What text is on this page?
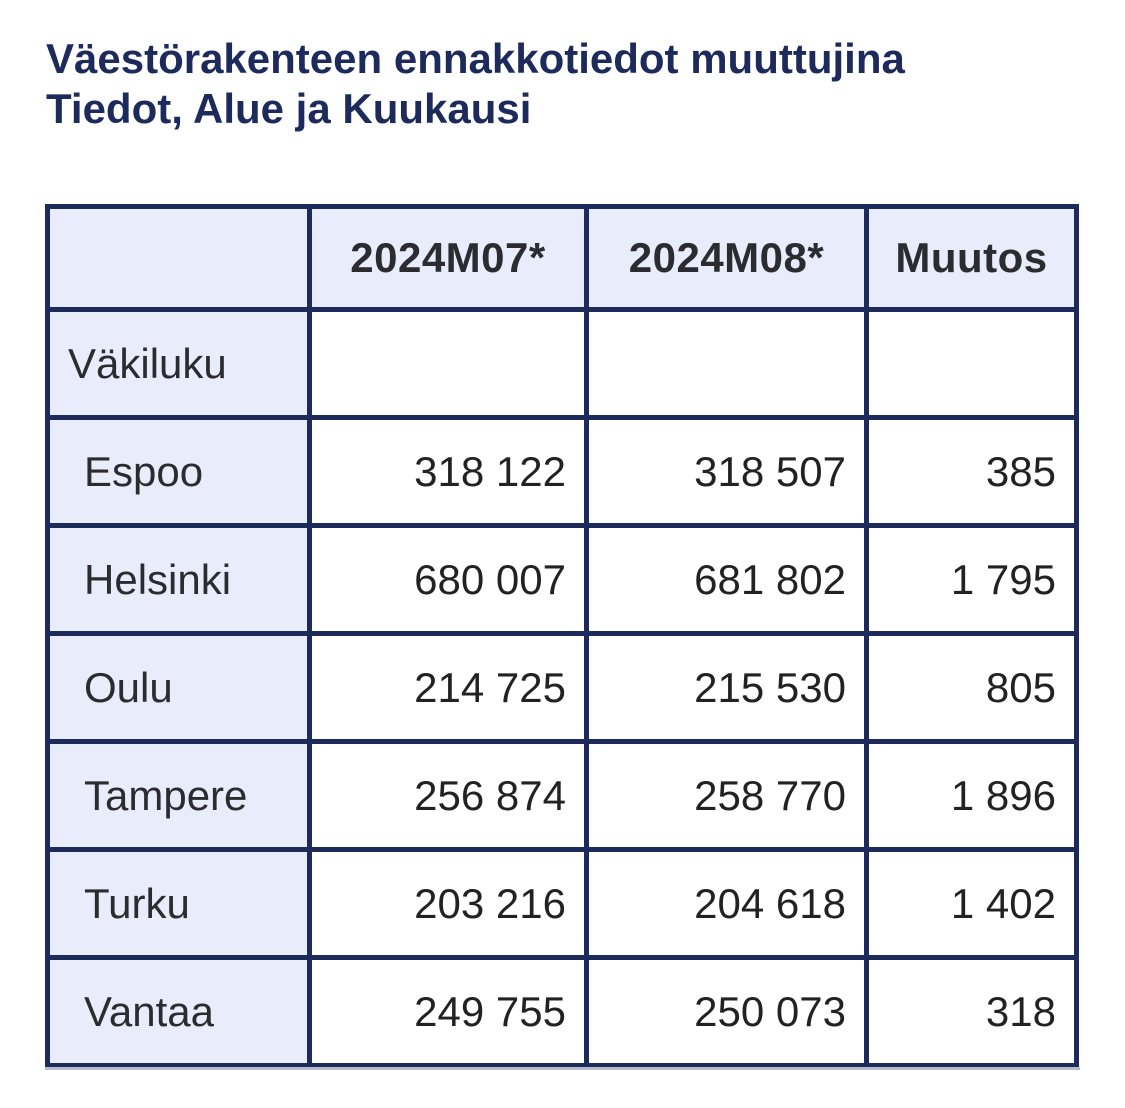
Väestörakenteen ennakkotiedot muuttujina
Tiedot, Alue ja Kuukausi
	2024M07*	2024M08*	Muutos
Väkiluku			
Espoo	318 122	318 507	385
Helsinki	680 007	681 802	1 795
Oulu	214 725	215 530	805
Tampere	256 874	258 770	1 896
Turku	203 216	204 618	1 402
Vantaa	249 755	250 073	318
